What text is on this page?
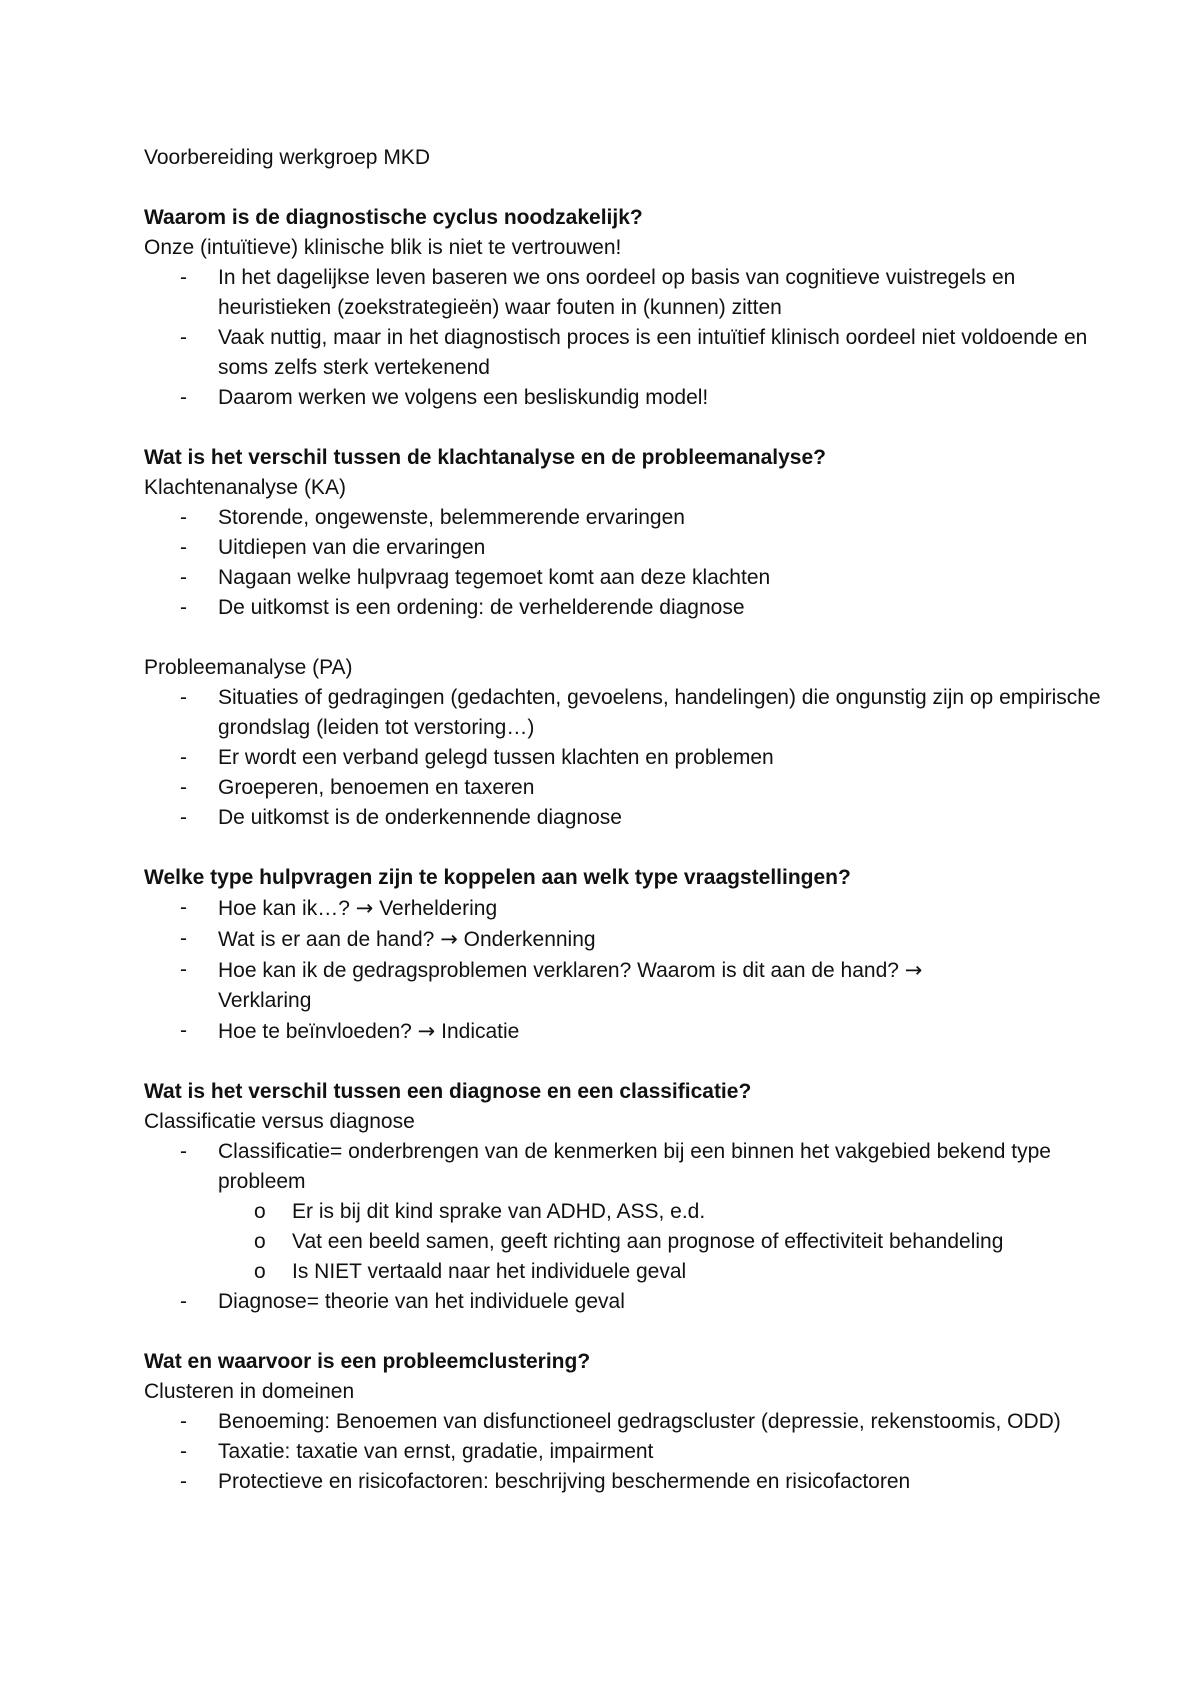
Voorbereiding werkgroep MKD

Waarom is de diagnostische cyclus noodzakelijk?

Onze (intuïtieve) klinische blik is niet te vertrouwen!

- In het dagelijkse leven baseren we ons oordeel op basis van cognitieve vuistregels en heuristieken (zoekstrategieën) waar fouten in (kunnen) zitten
- Vaak nuttig, maar in het diagnostisch proces is een intuïtief klinisch oordeel niet voldoende en soms zelfs sterk vertekenend
- Daarom werken we volgens een besliskundig model!

Wat is het verschil tussen de klachtanalyse en de probleemanalyse?

Klachtenanalyse (KA)

- Storende, ongewenste, belemmerende ervaringen
- Uitdiepen van die ervaringen
- Nagaan welke hulpvraag tegemoet komt aan deze klachten
- De uitkomst is een ordening: de verhelderende diagnose

Probleemanalyse (PA)

- Situaties of gedragingen (gedachten, gevoelens, handelingen) die ongunstig zijn op empirische grondslag (leiden tot verstoring…)
- Er wordt een verband gelegd tussen klachten en problemen
- Groeperen, benoemen en taxeren
- De uitkomst is de onderkennende diagnose

Welke type hulpvragen zijn te koppelen aan welk type vraagstellingen?

- Hoe kan ik…? → Verheldering
- Wat is er aan de hand? → Onderkenning
- Hoe kan ik de gedragsproblemen verklaren? Waarom is dit aan de hand? →
Verklaring
- Hoe te beïnvloeden? → Indicatie

Wat is het verschil tussen een diagnose en een classificatie?

Classificatie versus diagnose

- Classificatie= onderbrengen van de kenmerken bij een binnen het vakgebied bekend type probleem
o Er is bij dit kind sprake van ADHD, ASS, e.d.
o Vat een beeld samen, geeft richting aan prognose of effectiviteit behandeling
o Is NIET vertaald naar het individuele geval
- Diagnose= theorie van het individuele geval

Wat en waarvoor is een probleemclustering?

Clusteren in domeinen

- Benoeming: Benoemen van disfunctioneel gedragscluster (depressie, rekenstoomis, ODD)
- Taxatie: taxatie van ernst, gradatie, impairment
- Protectieve en risicofactoren: beschrijving beschermende en risicofactoren
